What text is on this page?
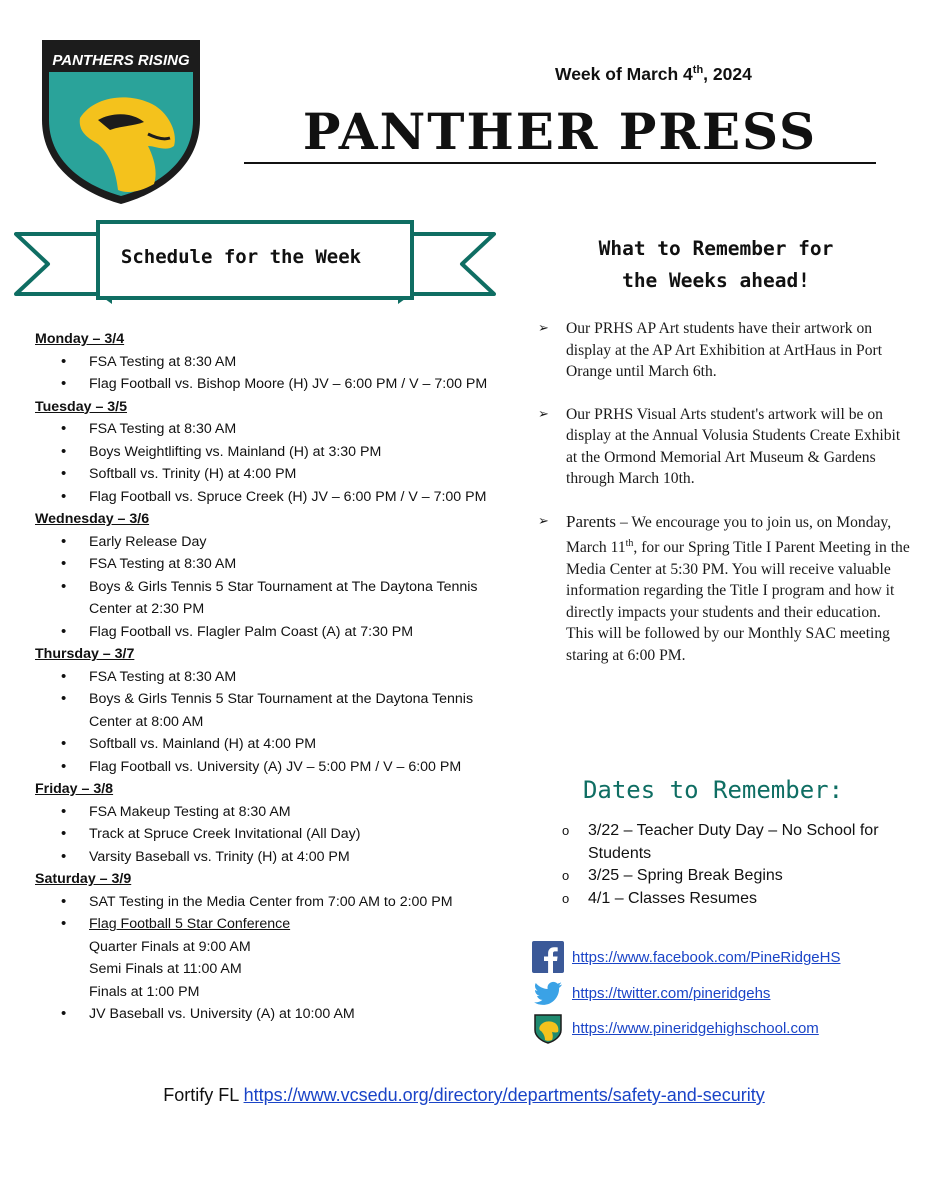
PANTHERS RISING
Week of March 4th, 2024
PANTHER PRESS
Schedule for the Week
Monday – 3/4
• FSA Testing at 8:30 AM
• Flag Football vs. Bishop Moore (H) JV – 6:00 PM / V – 7:00 PM
Tuesday – 3/5
• FSA Testing at 8:30 AM
• Boys Weightlifting vs. Mainland (H) at 3:30 PM
• Softball vs. Trinity (H) at 4:00 PM
• Flag Football vs. Spruce Creek (H) JV – 6:00 PM / V – 7:00 PM
Wednesday – 3/6
• Early Release Day
• FSA Testing at 8:30 AM
• Boys & Girls Tennis 5 Star Tournament at The Daytona Tennis Center at 2:30 PM
• Flag Football vs. Flagler Palm Coast (A) at 7:30 PM
Thursday – 3/7
• FSA Testing at 8:30 AM
• Boys & Girls Tennis 5 Star Tournament at the Daytona Tennis Center at 8:00 AM
• Softball vs. Mainland (H) at 4:00 PM
• Flag Football vs. University (A) JV – 5:00 PM / V – 6:00 PM
Friday – 3/8
• FSA Makeup Testing at 8:30 AM
• Track at Spruce Creek Invitational (All Day)
• Varsity Baseball vs. Trinity (H) at 4:00 PM
Saturday – 3/9
• SAT Testing in the Media Center from 7:00 AM to 2:00 PM
• Flag Football 5 Star Conference
Quarter Finals at 9:00 AM
Semi Finals at 11:00 AM
Finals at 1:00 PM
• JV Baseball vs. University (A) at 10:00 AM
What to Remember for
the Weeks ahead!
➢ Our PRHS AP Art students have their artwork on display at the AP Art Exhibition at ArtHaus in Port Orange until March 6th.
➢ Our PRHS Visual Arts student's artwork will be on display at the Annual Volusia Students Create Exhibit at the Ormond Memorial Art Museum & Gardens through March 10th.
➢ Parents – We encourage you to join us, on Monday, March 11th, for our Spring Title I Parent Meeting in the Media Center at 5:30 PM. You will receive valuable information regarding the Title I program and how it directly impacts your students and their education. This will be followed by our Monthly SAC meeting staring at 6:00 PM.
Dates to Remember:
o 3/22 – Teacher Duty Day – No School for Students
o 3/25 – Spring Break Begins
o 4/1 – Classes Resumes
https://www.facebook.com/PineRidgeHS
https://twitter.com/pineridgehs
https://www.pineridgehighschool.com
Fortify FL https://www.vcsedu.org/directory/departments/safety-and-security
